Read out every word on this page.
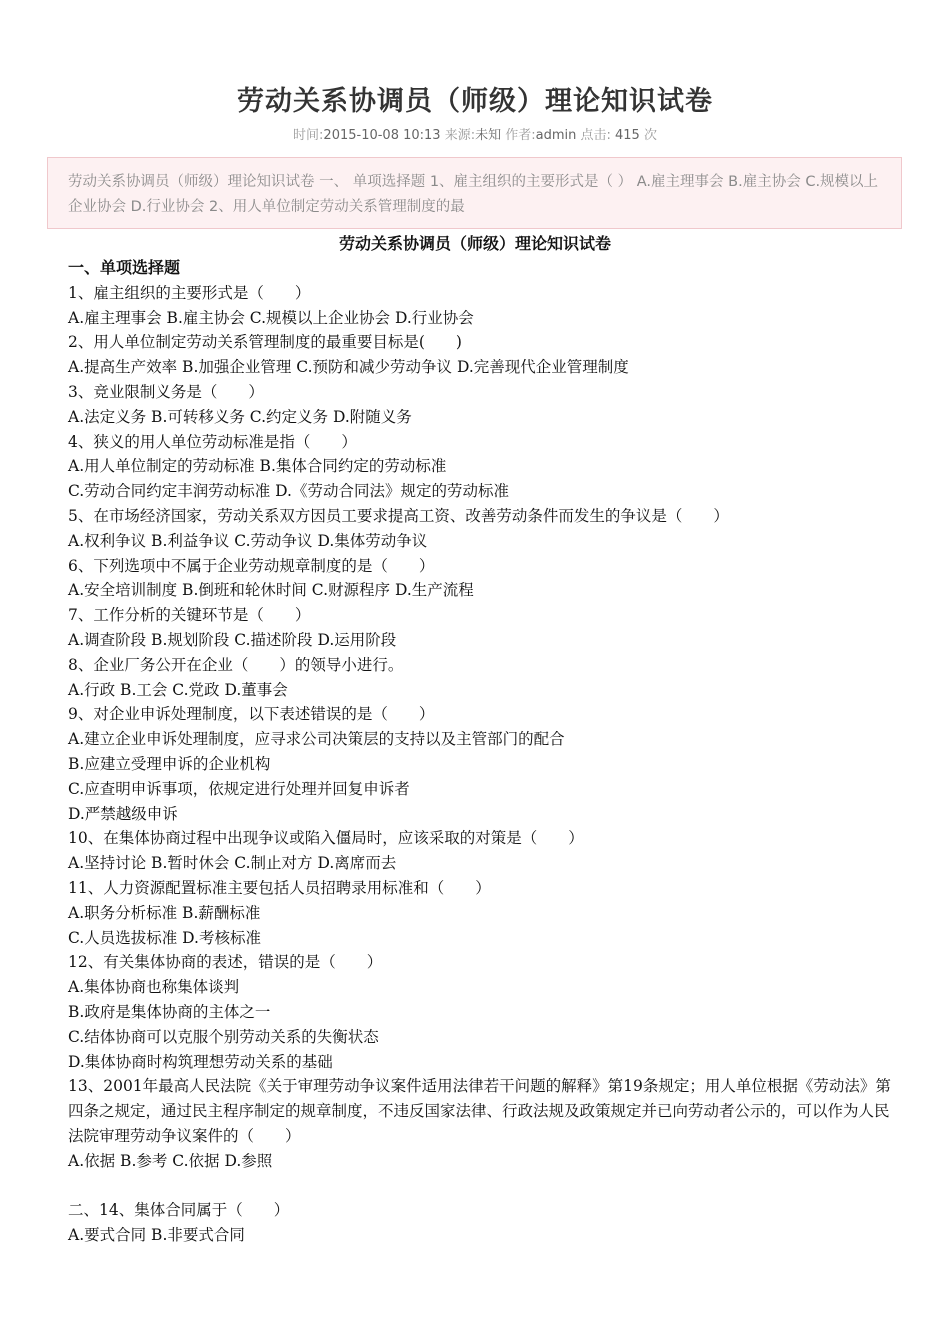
劳动关系协调员（师级）理论知识试卷
时间:2015-10-08 10:13 来源:未知 作者:admin 点击: 415 次
劳动关系协调员（师级）理论知识试卷 一、 单项选择题 1、雇主组织的主要形式是（ ） A.雇主理事会 B.雇主协会 C.规模以上企业协会 D.行业协会 2、用人单位制定劳动关系管理制度的最
劳动关系协调员（师级）理论知识试卷
一、单项选择题
1、雇主组织的主要形式是（　　）
A.雇主理事会 B.雇主协会 C.规模以上企业协会 D.行业协会
2、用人单位制定劳动关系管理制度的最重要目标是(　　)
A.提高生产效率 B.加强企业管理 C.预防和减少劳动争议 D.完善现代企业管理制度
3、竞业限制义务是（　　）
A.法定义务 B.可转移义务 C.约定义务 D.附随义务
4、狭义的用人单位劳动标准是指（　　）
A.用人单位制定的劳动标准 B.集体合同约定的劳动标准
C.劳动合同约定丰润劳动标准 D.《劳动合同法》规定的劳动标准
5、在市场经济国家，劳动关系双方因员工要求提高工资、改善劳动条件而发生的争议是（　　）
A.权利争议 B.利益争议 C.劳动争议 D.集体劳动争议
6、下列选项中不属于企业劳动规章制度的是（　　）
A.安全培训制度 B.倒班和轮休时间 C.财源程序 D.生产流程
7、工作分析的关键环节是（　　）
A.调查阶段 B.规划阶段 C.描述阶段 D.运用阶段
8、企业厂务公开在企业（　　）的领导小进行。
A.行政 B.工会 C.党政 D.董事会
9、对企业申诉处理制度，以下表述错误的是（　　）
A.建立企业申诉处理制度，应寻求公司决策层的支持以及主管部门的配合
B.应建立受理申诉的企业机构
C.应查明申诉事项，依规定进行处理并回复申诉者
D.严禁越级申诉
10、在集体协商过程中出现争议或陷入僵局时，应该采取的对策是（　　）
A.坚持讨论 B.暂时休会 C.制止对方 D.离席而去
11、人力资源配置标准主要包括人员招聘录用标准和（　　）
A.职务分析标准 B.薪酬标准
C.人员选拔标准 D.考核标准
12、有关集体协商的表述，错误的是（　　）
A.集体协商也称集体谈判
B.政府是集体协商的主体之一
C.结体协商可以克服个别劳动关系的失衡状态
D.集体协商时构筑理想劳动关系的基础
13、2001年最高人民法院《关于审理劳动争议案件适用法律若干问题的解释》第19条规定；用人单位根据《劳动法》第四条之规定，通过民主程序制定的规章制度，不违反国家法律、行政法规及政策规定并已向劳动者公示的，可以作为人民法院审理劳动争议案件的（　　）
A.依据 B.参考 C.依据 D.参照
二、14、集体合同属于（　　）
A.要式合同 B.非要式合同
